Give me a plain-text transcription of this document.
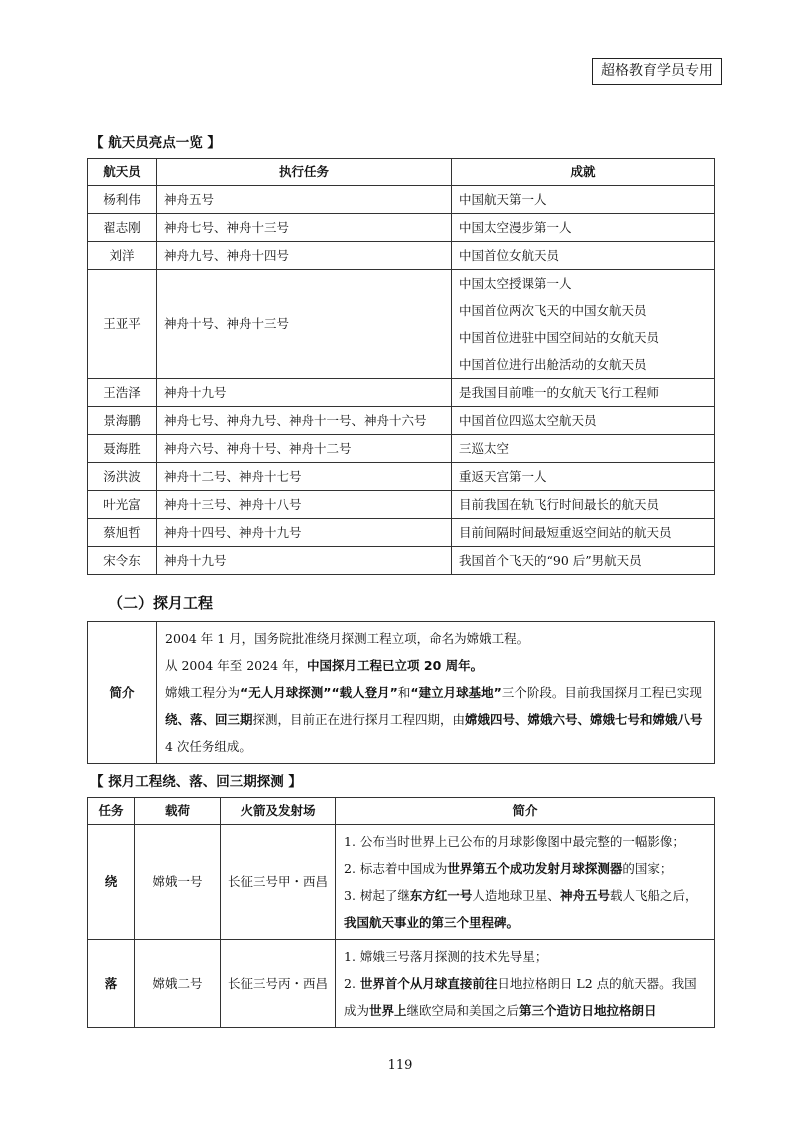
超格教育学员专用
【 航天员亮点一览 】
航天员	执行任务	成就
杨利伟	神舟五号	中国航天第一人

翟志刚	神舟七号、神舟十三号	中国太空漫步第一人

刘洋	神舟九号、神舟十四号	中国首位女航天员

王亚平	神舟十号、神舟十三号	中国太空授课第一人
中国首位两次飞天的中国女航天员
中国首位进驻中国空间站的女航天员
中国首位进行出舱活动的女航天员

王浩泽	神舟十九号	是我国目前唯一的女航天飞行工程师

景海鹏	神舟七号、神舟九号、神舟十一号、神舟十六号	中国首位四巡太空航天员

聂海胜	神舟六号、神舟十号、神舟十二号	三巡太空

汤洪波	神舟十二号、神舟十七号	重返天宫第一人

叶光富	神舟十三号、神舟十八号	目前我国在轨飞行时间最长的航天员

蔡旭哲	神舟十四号、神舟十九号	目前间隔时间最短重返空间站的航天员

宋令东	神舟十九号	我国首个飞天的“90 后”男航天员
（二）探月工程
简介	
2004 年 1 月，国务院批准绕月探测工程立项，命名为嫦娥工程。
从 2004 年至 2024 年，中国探月工程已立项 20 周年。
嫦娥工程分为“无人月球探测”“载人登月”和“建立月球基地”三个阶段。目前我国探月工程已实现绕、落、回三期探测，目前正在进行探月工程四期，由嫦娥四号、嫦娥六号、嫦娥七号和嫦娥八号 4 次任务组成。
【 探月工程绕、落、回三期探测 】
任务	载荷	火箭及发射场	简介
绕	嫦娥一号	长征三号甲・西昌	1. 公布当时世界上已公布的月球影像图中最完整的一幅影像；
2. 标志着中国成为世界第五个成功发射月球探测器的国家；
3. 树起了继东方红一号人造地球卫星、神舟五号载人飞船之后，我国航天事业的第三个里程碑。

落	嫦娥二号	长征三号丙・西昌	1. 嫦娥三号落月探测的技术先导星；
2. 世界首个从月球直接前往日地拉格朗日 L2 点的航天器。我国成为世界上继欧空局和美国之后第三个造访日地拉格朗日
119
